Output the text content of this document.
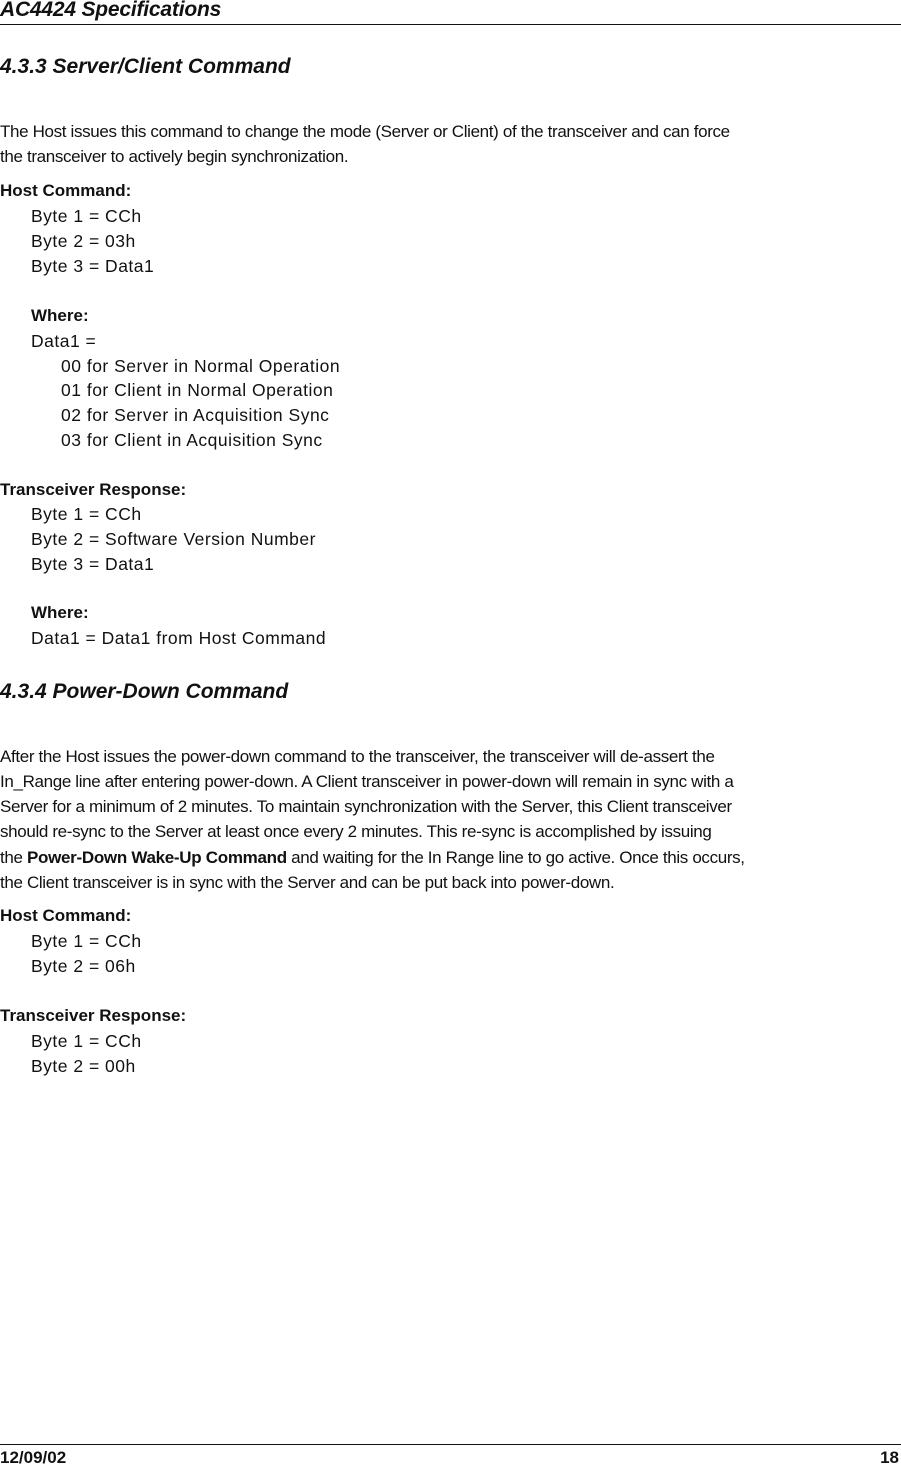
AC4424 Specifications
4.3.3 Server/Client Command
The Host issues this command to change the mode (Server or Client) of the transceiver and can force
the transceiver to actively begin synchronization.
Host Command:
Byte 1 = CCh
Byte 2 = 03h
Byte 3 = Data1
Where:
Data1 =
00 for Server in Normal Operation
01 for Client in Normal Operation
02 for Server in Acquisition Sync
03 for Client in Acquisition Sync
Transceiver Response:
Byte 1 = CCh
Byte 2 = Software Version Number
Byte 3 = Data1
Where:
Data1 = Data1 from Host Command
4.3.4 Power-Down Command
After the Host issues the power-down command to the transceiver, the transceiver will de-assert the
In_Range line after entering power-down. A Client transceiver in power-down will remain in sync with a
Server for a minimum of 2 minutes. To maintain synchronization with the Server, this Client transceiver
should re-sync to the Server at least once every 2 minutes. This re-sync is accomplished by issuing
the Power-Down Wake-Up Command and waiting for the In Range line to go active. Once this occurs,
the Client transceiver is in sync with the Server and can be put back into power-down.
Host Command:
Byte 1 = CCh
Byte 2 = 06h
Transceiver Response:
Byte 1 = CCh
Byte 2 = 00h
12/09/02	18
